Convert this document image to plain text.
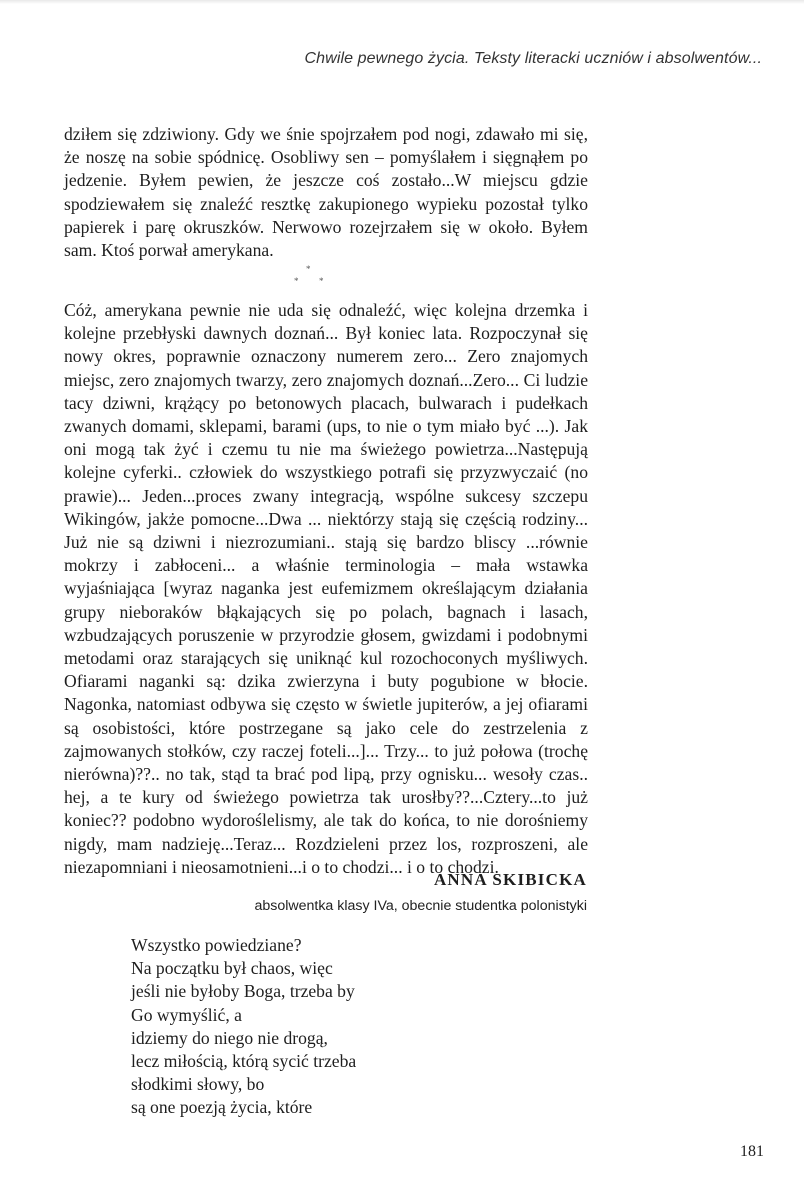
Chwile pewnego życia. Teksty literacki uczniów i absolwentów...

dziłem się zdziwiony. Gdy we śnie spojrzałem pod nogi, zdawało mi się, że noszę na sobie spódnicę. Osobliwy sen – pomyślałem i sięgnąłem po jedzenie. Byłem pewien, że jeszcze coś zostało...W miejscu gdzie spodziewałem się znaleźć resztkę zakupionego wypieku pozostał tylko papierek i parę okruszków. Nerwowo rozejrzałem się w około. Byłem sam. Ktoś porwał amerykana.

*
* *

Cóż, amerykana pewnie nie uda się odnaleźć, więc kolejna drzemka i kolejne przebłyski dawnych doznań... Był koniec lata. Rozpoczynał się nowy okres, poprawnie oznaczony numerem zero... Zero znajomych miejsc, zero znajomych twarzy, zero znajomych doznań...Zero... Ci ludzie tacy dziwni, krążący po betonowych placach, bulwarach i pudełkach zwanych domami, sklepami, barami (ups, to nie o tym miało być ...). Jak oni mogą tak żyć i czemu tu nie ma świeżego powietrza...Następują kolejne cyferki.. człowiek do wszystkiego potrafi się przyzwyczaić (no prawie)... Jeden...proces zwany integracją, wspólne sukcesy szczepu Wikingów, jakże pomocne...Dwa ... niektórzy stają się częścią rodziny... Już nie są dziwni i niezrozumiani.. stają się bardzo bliscy ...równie mokrzy i zabłoceni... a właśnie terminologia – mała wstawka wyjaśniająca [wyraz naganka jest eufemizmem określającym działania grupy nieboraków błąkających się po polach, bagnach i lasach, wzbudzających poruszenie w przyrodzie głosem, gwizdami i podobnymi metodami oraz starających się uniknąć kul rozochoconych myśliwych. Ofiarami naganki są: dzika zwierzyna i buty pogubione w błocie. Nagonka, natomiast odbywa się często w świetle jupiterów, a jej ofiarami są osobistości, które postrzegane są jako cele do zestrzelenia z zajmowanych stołków, czy raczej foteli...]... Trzy... to już połowa (trochę nierówna)??.. no tak, stąd ta brać pod lipą, przy ognisku... wesoły czas.. hej, a te kury od świeżego powietrza tak urosłby??...Cztery...to już koniec?? podobno wydoroślelismy, ale tak do końca, to nie dorośniemy nigdy, mam nadzieję...Teraz... Rozdzieleni przez los, rozproszeni, ale niezapomniani i nieosamotnieni...i o to chodzi... i o to chodzi.

ANNA SKIBICKA
absolwentka klasy IVa, obecnie studentka polonistyki
Wszystko powiedziane?
Na początku był chaos, więc
jeśli nie byłoby Boga, trzeba by
Go wymyślić, a
idziemy do niego nie drogą,
lecz miłością, którą sycić trzeba
słodkimi słowy, bo
są one poezją życia, które
181
